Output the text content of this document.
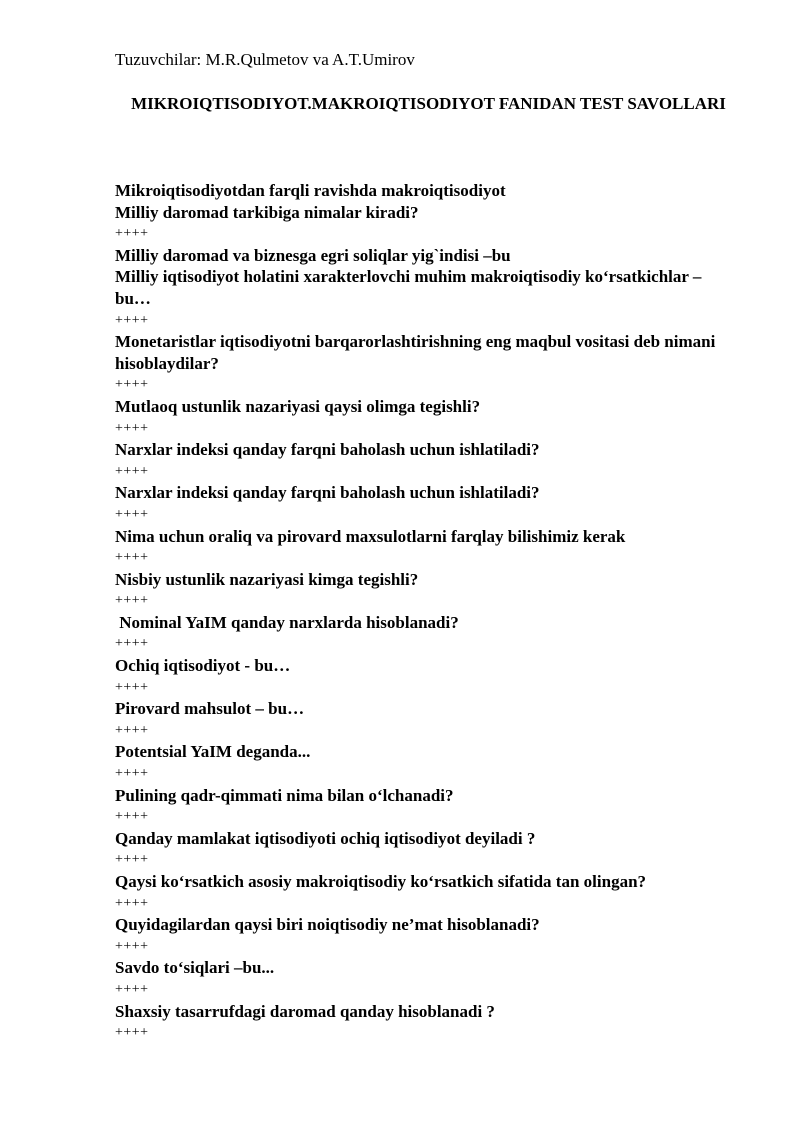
Tuzuvchilar: M.R.Qulmetov va A.T.Umirov
MIKROIQTISODIYOT.MAKROIQTISODIYOT FANIDAN TEST SAVOLLARI

Mikroiqtisodiyotdan farqli ravishda makroiqtisodiyot

Milliy daromad tarkibiga nimalar kiradi?

++++

Milliy daromad va biznesga egri soliqlar yig`indisi –bu

Milliy iqtisodiyot holatini xarakterlovchi muhim makroiqtisodiy ko‘rsatkichlar – bu…

++++

Monetaristlar iqtisodiyotni barqarorlashtirishning eng maqbul vositasi deb nimani hisoblaydilar?

++++

Mutlaoq ustunlik nazariyasi qaysi olimga tegishli?

++++

Narxlar indeksi qanday farqni baholash uchun ishlatiladi?

++++

Narxlar indeksi qanday farqni baholash uchun ishlatiladi?

++++

Nima uchun oraliq va pirovard maxsulotlarni farqlay bilishimiz kerak

++++

Nisbiy ustunlik nazariyasi kimga tegishli?

++++

Nominal YaIM qanday narxlarda hisoblanadi?

++++

Ochiq iqtisodiyot - bu…

++++

Pirovard mahsulot – bu…

++++

Potentsial YaIM deganda...

++++

Pulining qadr-qimmati nima bilan o‘lchanadi?

++++

Qanday mamlakat iqtisodiyoti ochiq iqtisodiyot deyiladi ?

++++

Qaysi ko‘rsatkich asosiy makroiqtisodiy ko‘rsatkich sifatida tan olingan?

++++

Quyidagilardan qaysi biri noiqtisodiy ne’mat hisoblanadi?

++++

Savdo to‘siqlari –bu...

++++

Shaxsiy tasarrufdagi daromad qanday hisoblanadi ?

++++
